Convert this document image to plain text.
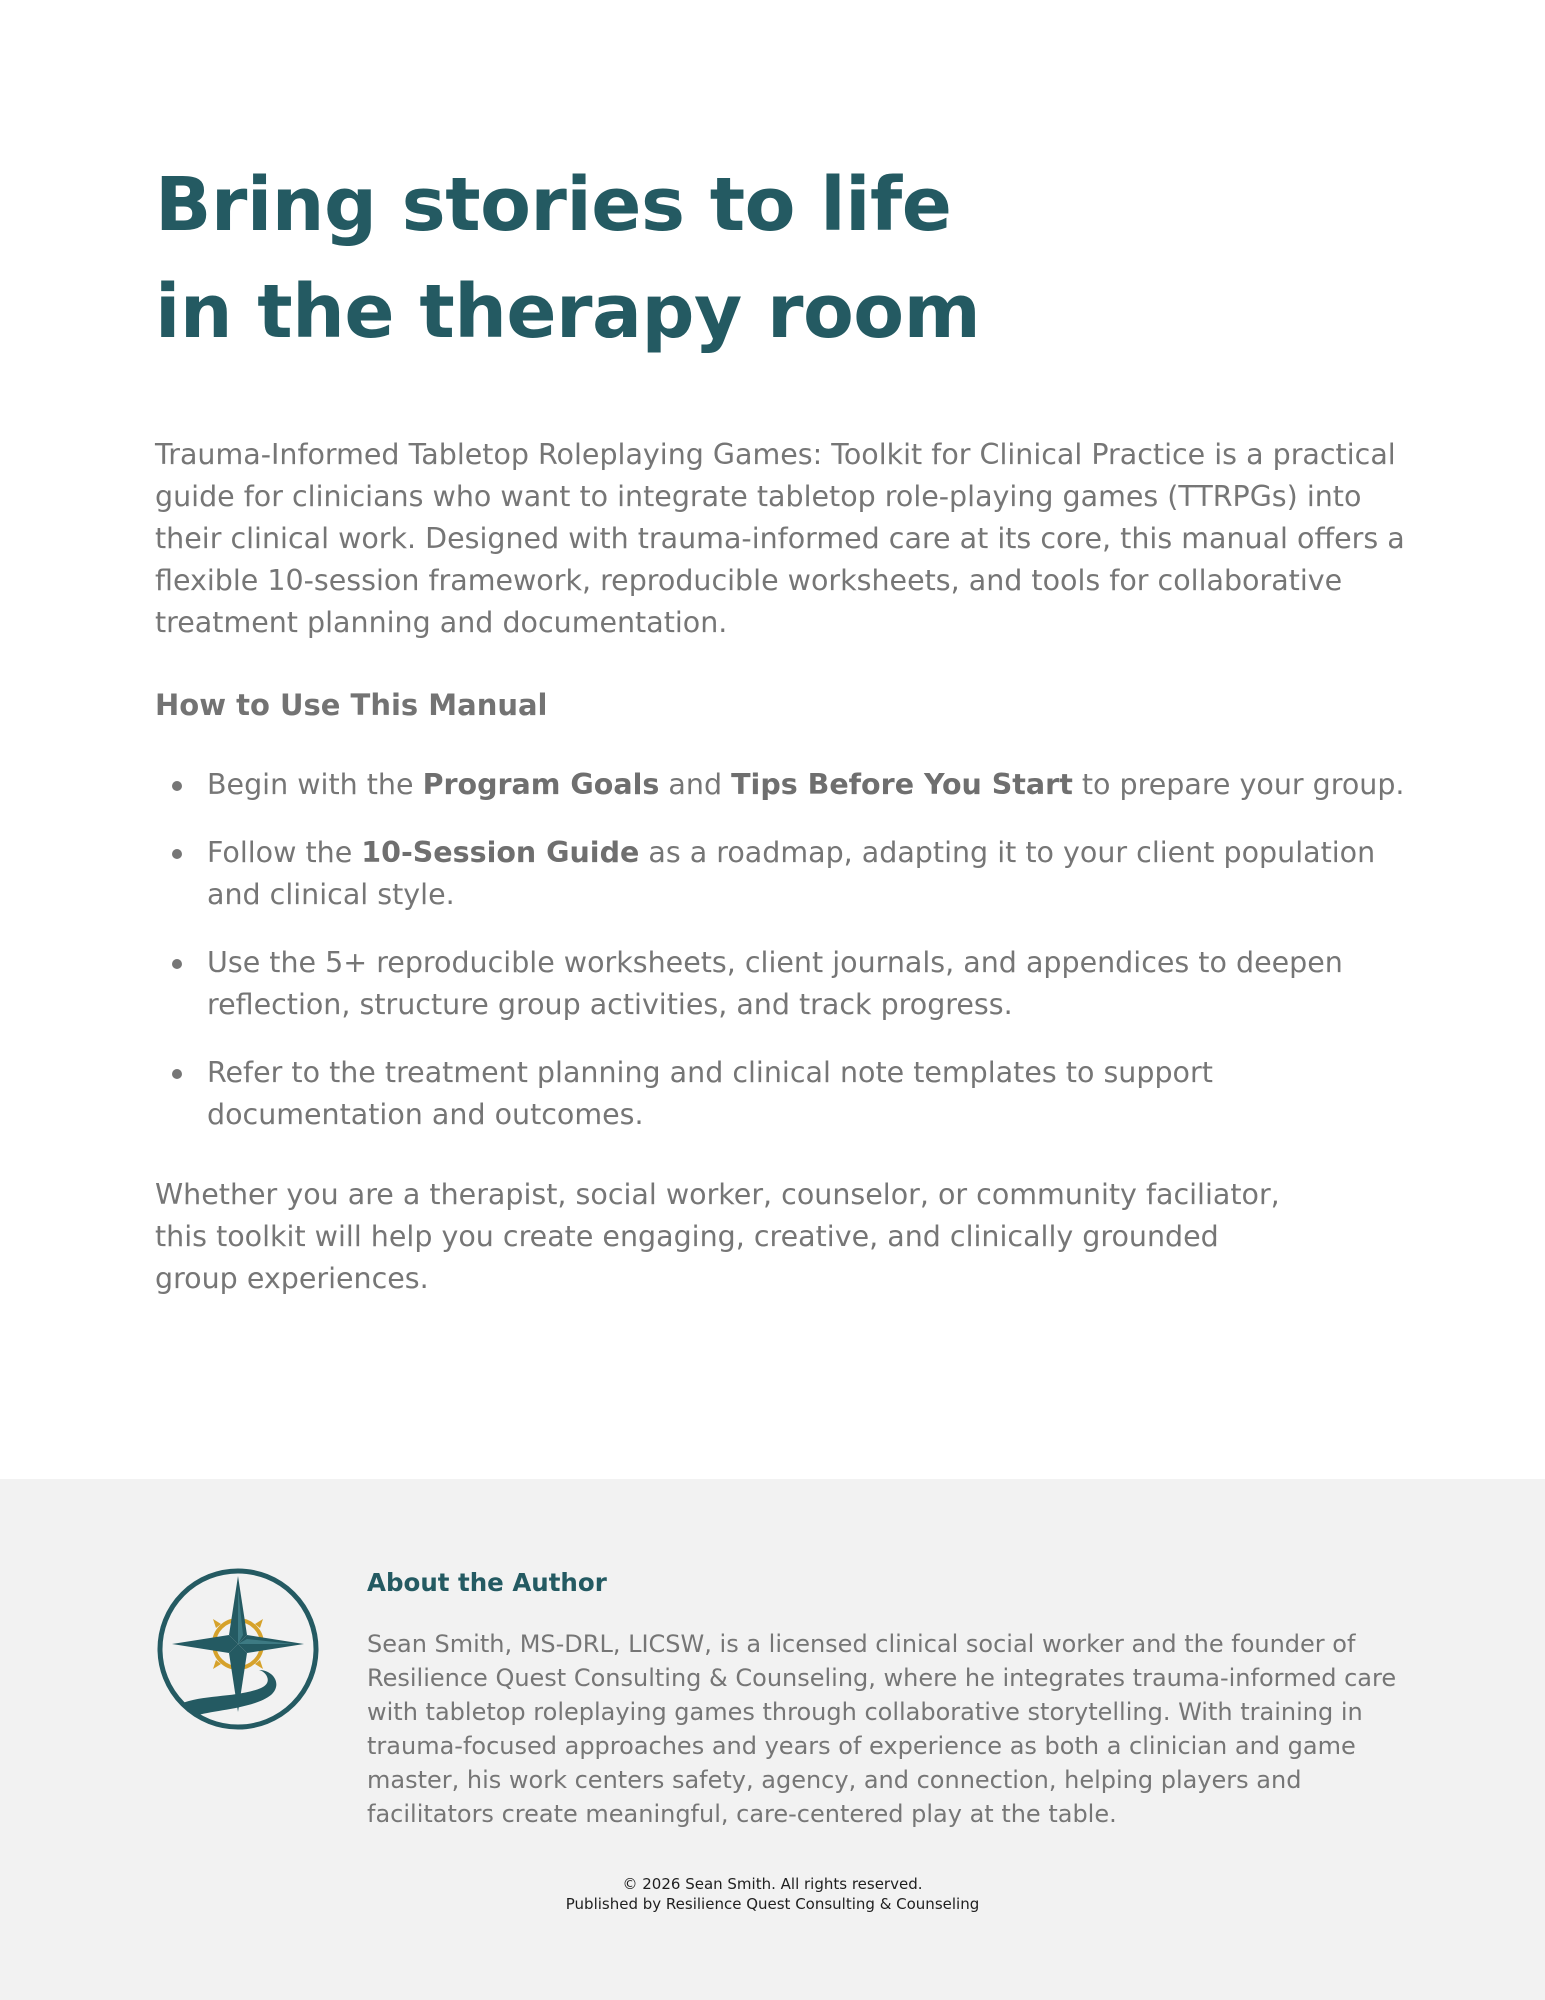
Bring stories to life
in the therapy room

Trauma-Informed Tabletop Roleplaying Games: Toolkit for Clinical Practice is a practical guide for clinicians who want to integrate tabletop role-playing games (TTRPGs) into their clinical work. Designed with trauma-informed care at its core, this manual offers a flexible 10-session framework, reproducible worksheets, and tools for collaborative treatment planning and documentation.

How to Use This Manual
Begin with the Program Goals and Tips Before You Start to prepare your group.
Follow the 10-Session Guide as a roadmap, adapting it to your client population and clinical style.
Use the 5+ reproducible worksheets, client journals, and appendices to deepen reflection, structure group activities, and track progress.
Refer to the treatment planning and clinical note templates to support documentation and outcomes.

Whether you are a therapist, social worker, counselor, or community faciliator, this toolkit will help you create engaging, creative, and clinically grounded group experiences.

About the Author

Sean Smith, MS-DRL, LICSW, is a licensed clinical social worker and the founder of Resilience Quest Consulting & Counseling, where he integrates trauma-informed care with tabletop roleplaying games through collaborative storytelling. With training in trauma-focused approaches and years of experience as both a clinician and game master, his work centers safety, agency, and connection, helping players and facilitators create meaningful, care-centered play at the table.

© 2026 Sean Smith. All rights reserved.
Published by Resilience Quest Consulting & Counseling
